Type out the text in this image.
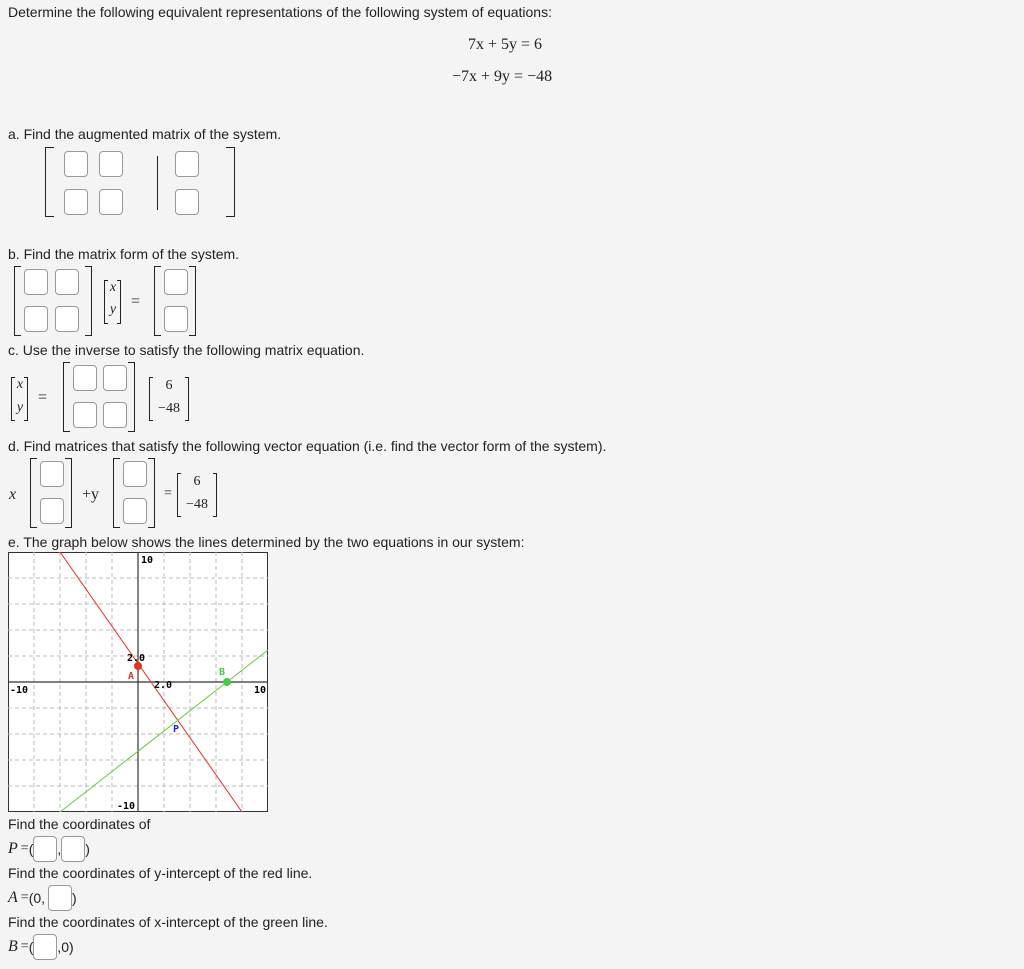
Determine the following equivalent representations of the following system of equations:
7x + 5y = 6
−7x + 9y = −48
a. Find the augmented matrix of the system.
b. Find the matrix form of the system.
x
y =
c. Use the inverse to satisfy the following matrix equation.
x
y
=
6
−48
d. Find matrices that satisfy the following vector equation (i.e. find the vector form of the system).
x	+y	=
6
−48
e. The graph below shows the lines determined by the two equations in our system:
10
-10
-10	10
2.0
2.0
A	B
P
Find the coordinates of
P = ( , )
Find the coordinates of y-intercept of the red line.
A = (0, )
Find the coordinates of x-intercept of the green line.
B = ( ,0)
